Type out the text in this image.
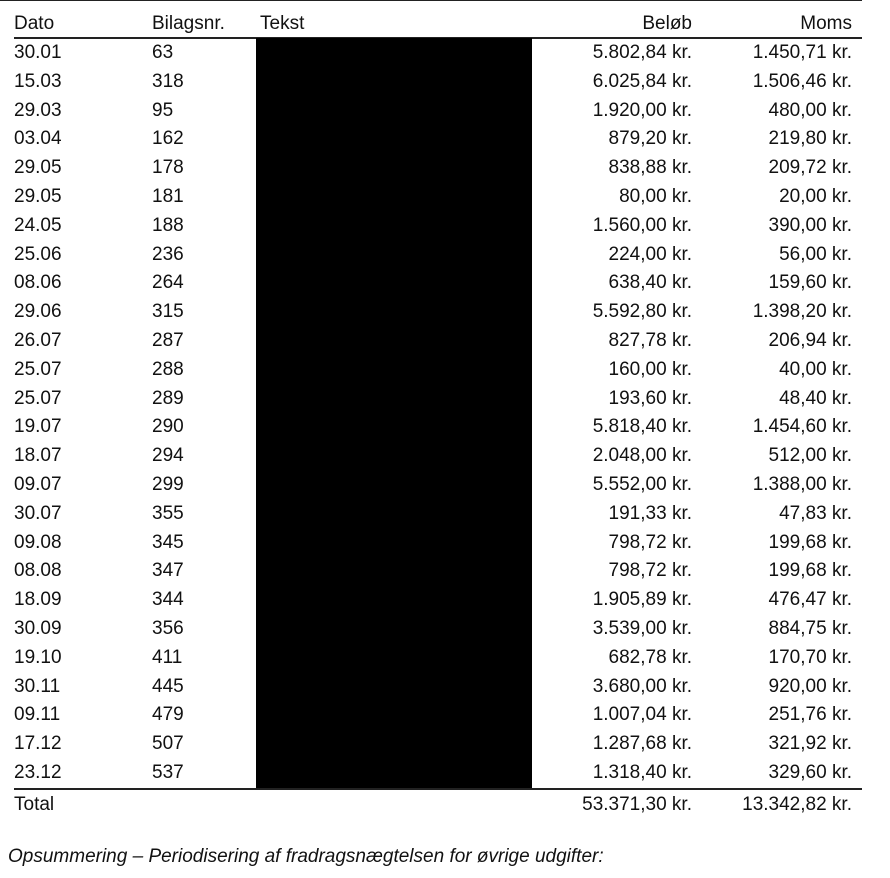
Dato	Bilagsnr. Tekst	Beløb	Moms
30.01	63	5.802,84 kr.	1.450,71 kr.
15.03	318	6.025,84 kr.	1.506,46 kr.
29.03	95	1.920,00 kr.	480,00 kr.
03.04	162	879,20 kr.	219,80 kr.
29.05	178	838,88 kr.	209,72 kr.
29.05	181	80,00 kr.	20,00 kr.
24.05	188	1.560,00 kr.	390,00 kr.
25.06	236	224,00 kr.	56,00 kr.
08.06	264	638,40 kr.	159,60 kr.
29.06	315	5.592,80 kr.	1.398,20 kr.
26.07	287	827,78 kr.	206,94 kr.
25.07	288	160,00 kr.	40,00 kr.
25.07	289	193,60 kr.	48,40 kr.
19.07	290	5.818,40 kr.	1.454,60 kr.
18.07	294	2.048,00 kr.	512,00 kr.
09.07	299	5.552,00 kr.	1.388,00 kr.
30.07	355	191,33 kr.	47,83 kr.
09.08	345	798,72 kr.	199,68 kr.
08.08	347	798,72 kr.	199,68 kr.
18.09	344	1.905,89 kr.	476,47 kr.
30.09	356	3.539,00 kr.	884,75 kr.
19.10	411	682,78 kr.	170,70 kr.
30.11	445	3.680,00 kr.	920,00 kr.
09.11	479	1.007,04 kr.	251,76 kr.
17.12	507	1.287,68 kr.	321,92 kr.
23.12	537	1.318,40 kr.	329,60 kr.
Total	53.371,30 kr.	13.342,82 kr.
Opsummering – Periodisering af fradragsnægtelsen for øvrige udgifter:
